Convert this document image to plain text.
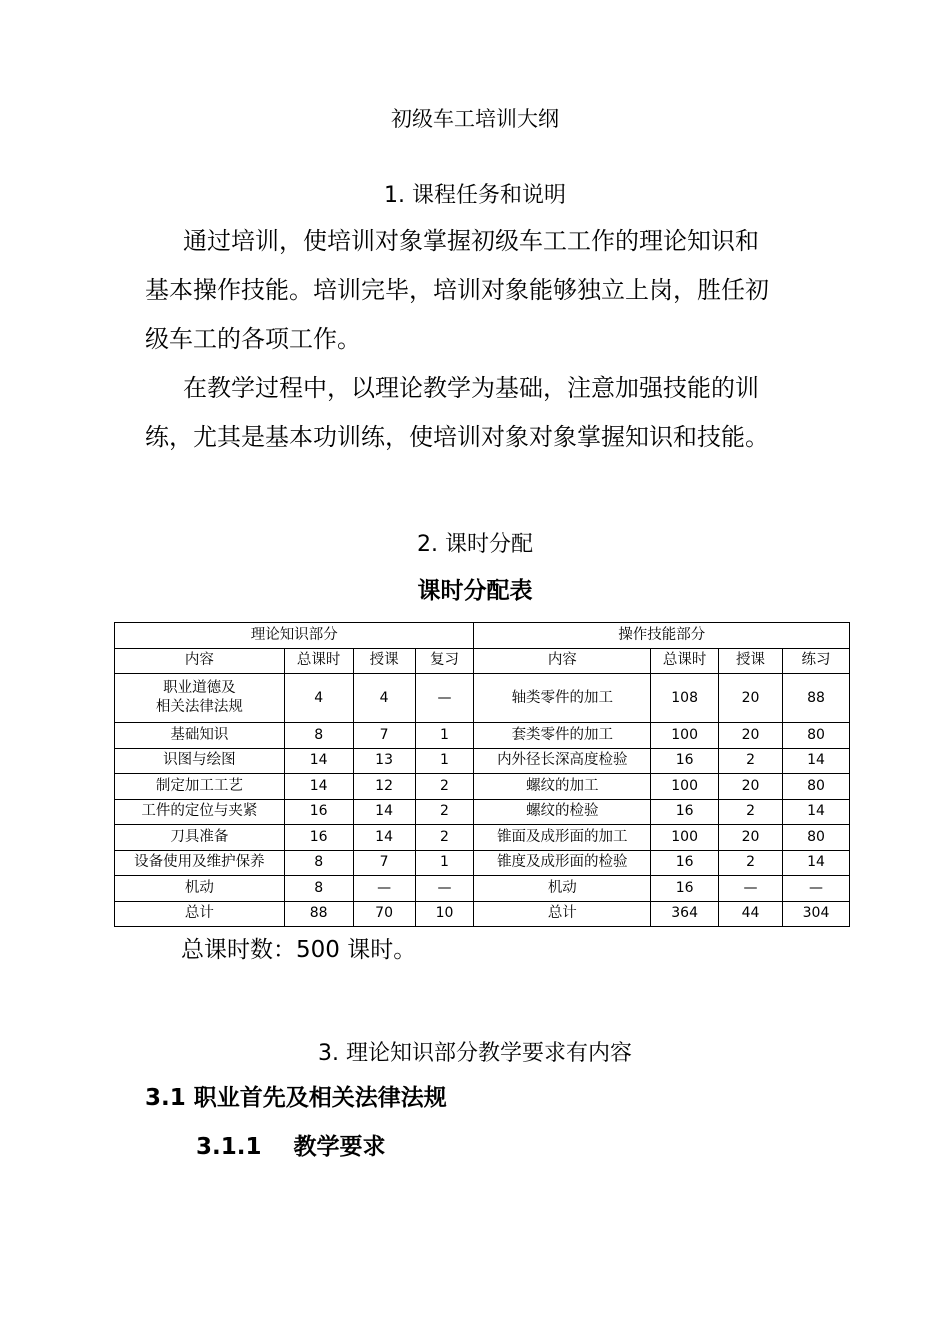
初级车工培训大纲
1. 课程任务和说明
通过培训，使培训对象掌握初级车工工作的理论知识和
基本操作技能。培训完毕，培训对象能够独立上岗，胜任初
级车工的各项工作。
在教学过程中，以理论教学为基础，注意加强技能的训
练，尤其是基本功训练，使培训对象对象掌握知识和技能。
2. 课时分配
课时分配表
理论知识部分				操作技能部分			
内容	总课时	授课	复习	内容	总课时	授课	练习
职业道德及
相关法律法规	4	4	—	轴类零件的加工	108	20	88
基础知识	8	7	1	套类零件的加工	100	20	80
识图与绘图	14	13	1	内外径长深高度检验	16	2	14
制定加工工艺	14	12	2	螺纹的加工	100	20	80
工件的定位与夹紧	16	14	2	螺纹的检验	16	2	14
刀具准备	16	14	2	锥面及成形面的加工	100	20	80
设备使用及维护保养	8	7	1	锥度及成形面的检验	16	2	14
机动	8	—	—	机动	16	—	—
总计	88	70	10	总计	364	44	304
总课时数：500 课时。
3. 理论知识部分教学要求有内容
3.1 职业首先及相关法律法规
3.1.1 教学要求
